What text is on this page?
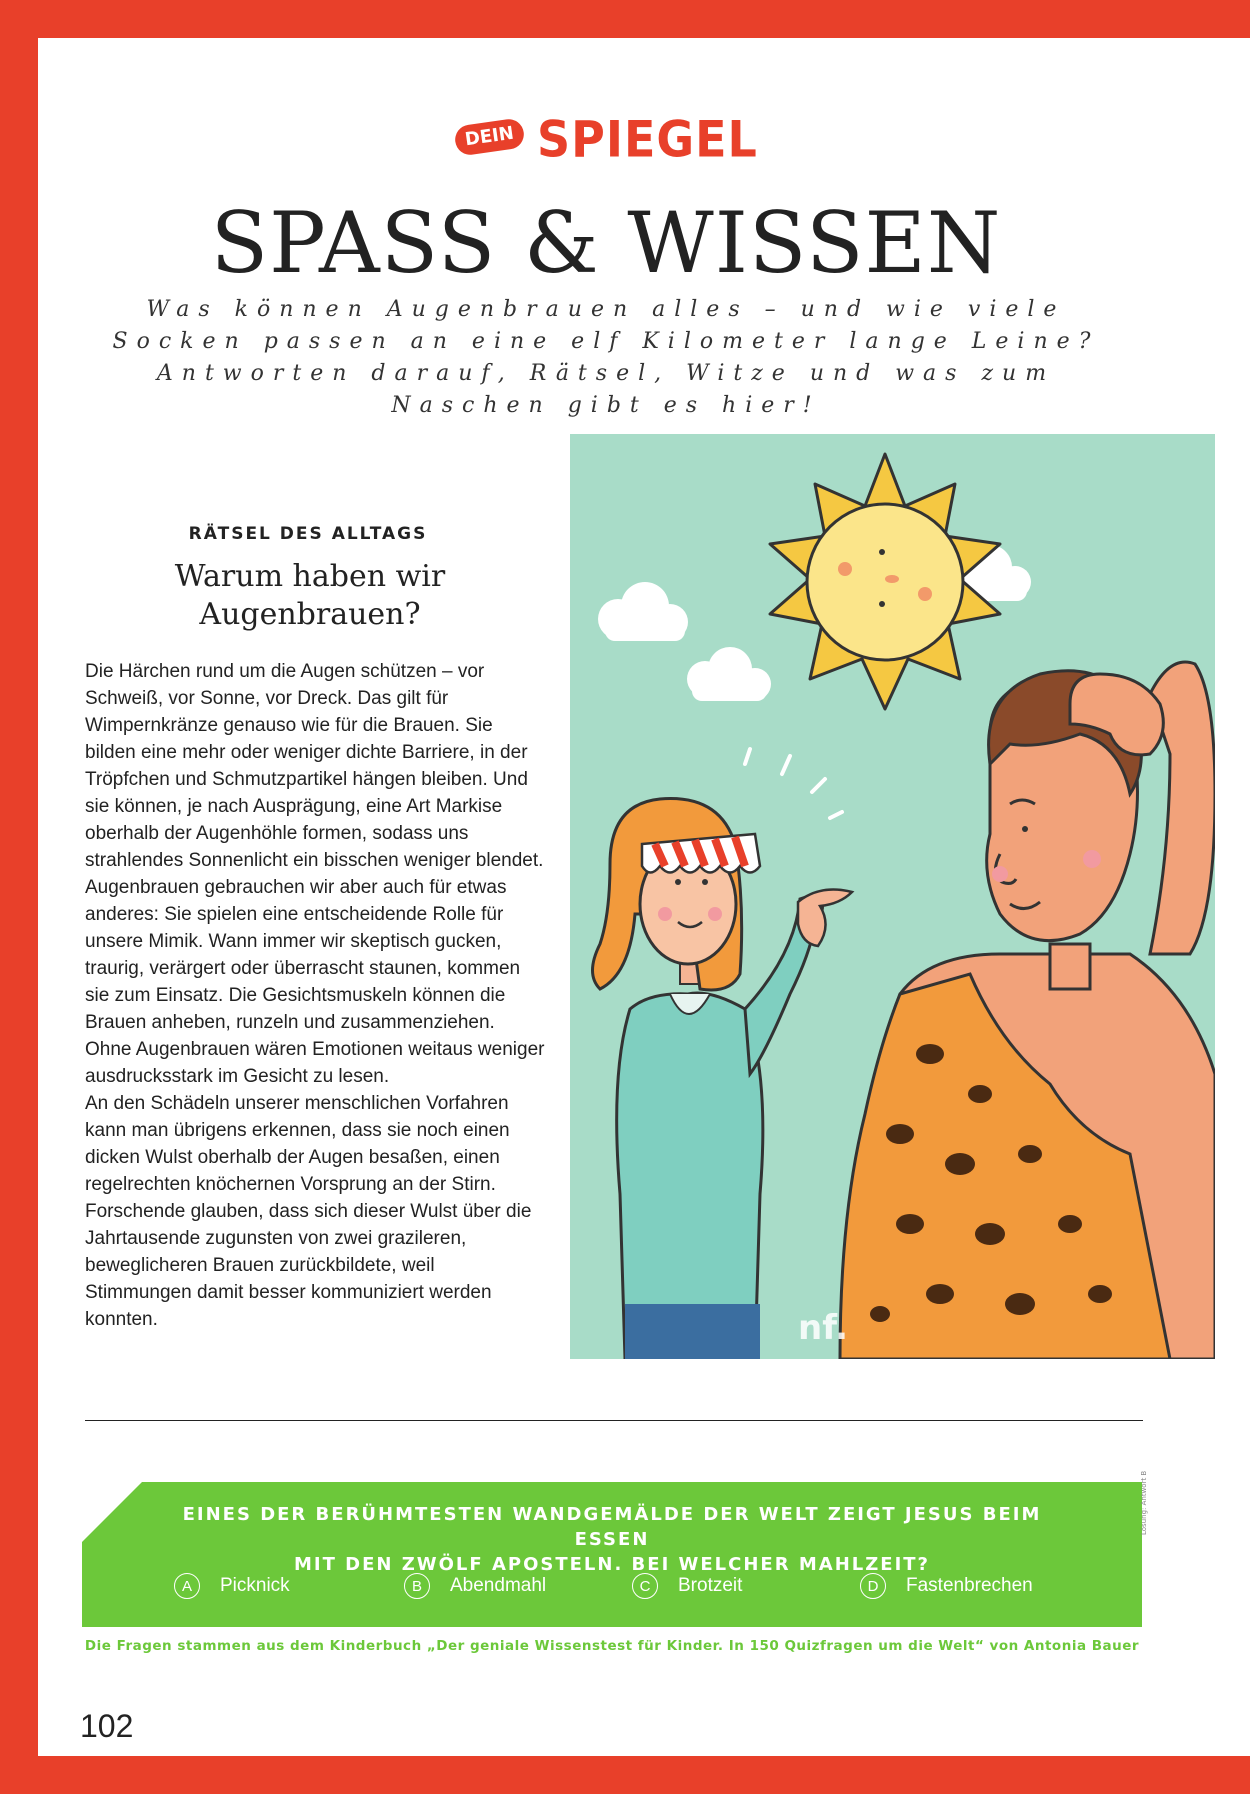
DEIN SPIEGEL
SPASS & WISSEN

Was können Augenbrauen alles – und wie viele Socken passen an eine elf Kilometer lange Leine? Antworten darauf, Rätsel, Witze und was zum Naschen gibt es hier!

RÄTSEL DES ALLTAGS
Warum haben wir
Augenbrauen?

Die Härchen rund um die Augen schützen – vor Schweiß, vor Sonne, vor Dreck. Das gilt für Wimpernkränze genauso wie für die Brauen. Sie bilden eine mehr oder weniger dichte Barriere, in der Tröpfchen und Schmutzpartikel hängen bleiben. Und sie können, je nach Ausprägung, eine Art Markise oberhalb der Augenhöhle formen, sodass uns strahlendes Sonnenlicht ein bisschen weniger blendet.

Augenbrauen gebrauchen wir aber auch für etwas anderes: Sie spielen eine entscheidende Rolle für unsere Mimik. Wann immer wir skeptisch gucken, traurig, verärgert oder überrascht staunen, kommen sie zum Einsatz. Die Gesichtsmuskeln können die Brauen anheben, runzeln und zusammenziehen. Ohne Augenbrauen wären Emotionen weitaus weniger ausdrucksstark im Gesicht zu lesen.

An den Schädeln unserer menschlichen Vorfahren kann man übrigens erkennen, dass sie noch einen dicken Wulst oberhalb der Augen besaßen, einen regelrechten knöchernen Vorsprung an der Stirn. Forschende glauben, dass sich dieser Wulst über die Jahrtausende zugunsten von zwei grazileren, beweglicheren Brauen zurückbildete, weil Stimmungen damit besser kommuniziert werden konnten.	nf.
EINES DER BERÜHMTESTEN WANDGEMÄLDE DER WELT ZEIGT JESUS BEIM ESSEN
MIT DEN ZWÖLF APOSTELN. BEI WELCHER MAHLZEIT?
A	Picknick	B	Abendmahl	C	Brotzeit	D	Fastenbrechen
Lösung: Antwort B
Die Fragen stammen aus dem Kinderbuch „Der geniale Wissenstest für Kinder. In 150 Quizfragen um die Welt“ von Antonia Bauer
102
